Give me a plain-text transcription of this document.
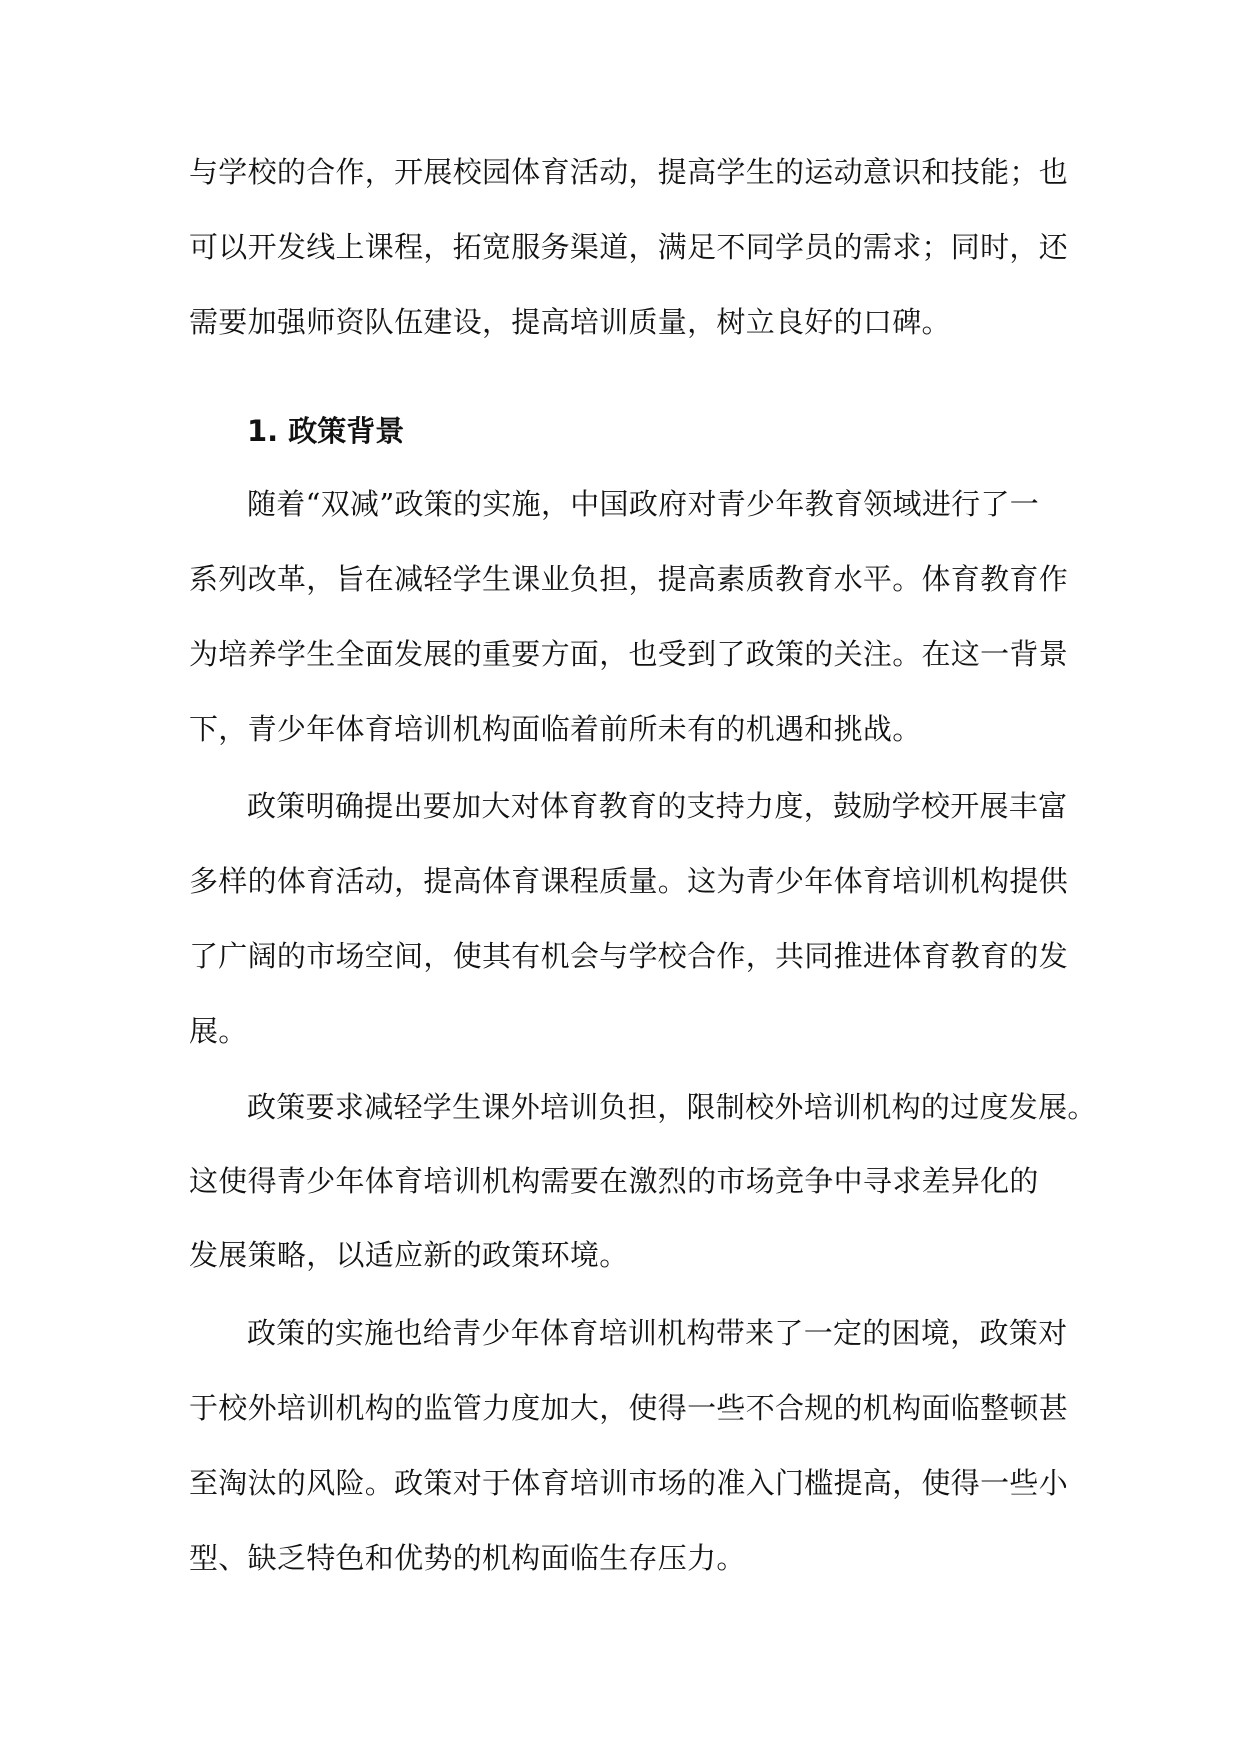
与学校的合作，开展校园体育活动，提高学生的运动意识和技能；也
可以开发线上课程，拓宽服务渠道，满足不同学员的需求；同时，还
需要加强师资队伍建设，提高培训质量，树立良好的口碑。
1. 政策背景
随着“双减”政策的实施，中国政府对青少年教育领域进行了一
系列改革，旨在减轻学生课业负担，提高素质教育水平。体育教育作
为培养学生全面发展的重要方面，也受到了政策的关注。在这一背景
下，青少年体育培训机构面临着前所未有的机遇和挑战。
政策明确提出要加大对体育教育的支持力度，鼓励学校开展丰富
多样的体育活动，提高体育课程质量。这为青少年体育培训机构提供
了广阔的市场空间，使其有机会与学校合作，共同推进体育教育的发
展。
政策要求减轻学生课外培训负担，限制校外培训机构的过度发展。
这使得青少年体育培训机构需要在激烈的市场竞争中寻求差异化的
发展策略，以适应新的政策环境。
政策的实施也给青少年体育培训机构带来了一定的困境，政策对
于校外培训机构的监管力度加大，使得一些不合规的机构面临整顿甚
至淘汰的风险。政策对于体育培训市场的准入门槛提高，使得一些小
型、缺乏特色和优势的机构面临生存压力。
